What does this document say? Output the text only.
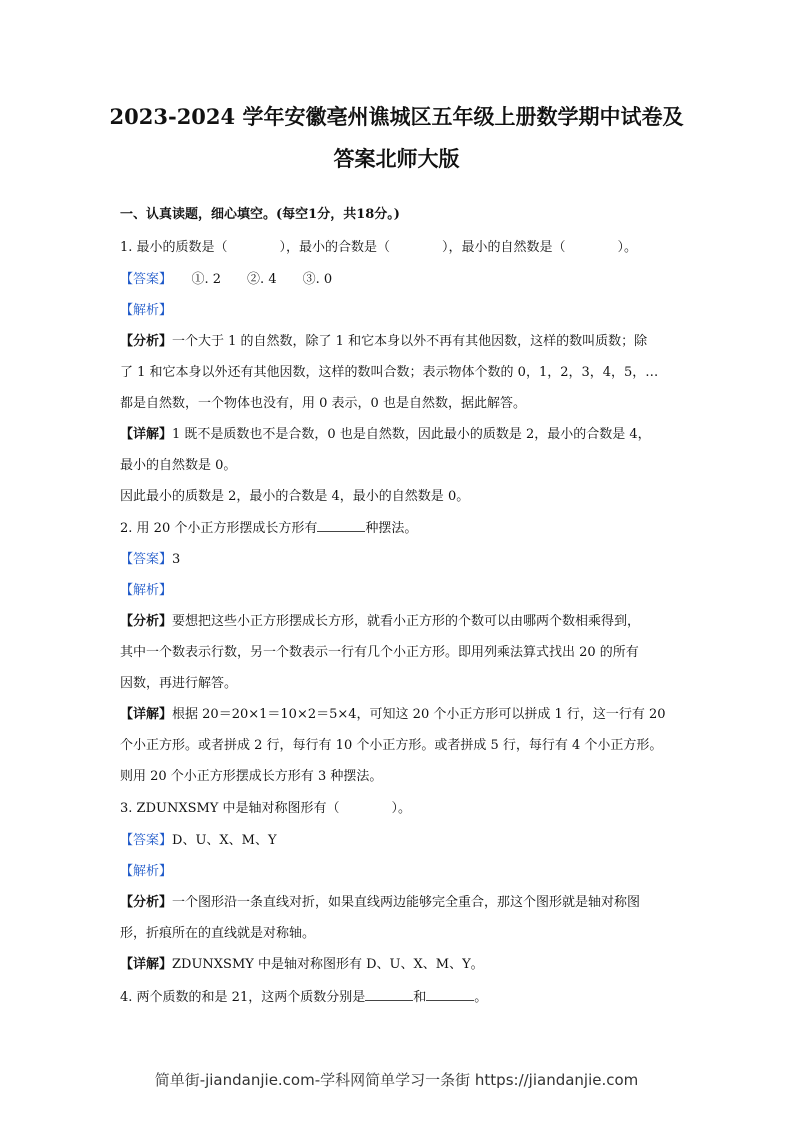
2023-2024 学年安徽亳州谯城区五年级上册数学期中试卷及
答案北师大版

一、认真读题，细心填空。(每空1分，共18分。)

1. 最小的质数是（　　　　），最小的合数是（　　　　），最小的自然数是（　　　　）。

【答案】　　①. 2　　②. 4　　③. 0

【解析】

【分析】一个大于 1 的自然数，除了 1 和它本身以外不再有其他因数，这样的数叫质数；除

了 1 和它本身以外还有其他因数，这样的数叫合数；表示物体个数的 0，1，2，3，4，5，…

都是自然数，一个物体也没有，用 0 表示，0 也是自然数，据此解答。

【详解】1 既不是质数也不是合数，0 也是自然数，因此最小的质数是 2，最小的合数是 4，

最小的自然数是 0。

因此最小的质数是 2，最小的合数是 4，最小的自然数是 0。

2. 用 20 个小正方形摆成长方形有	种摆法。

【答案】3

【解析】

【分析】要想把这些小正方形摆成长方形，就看小正方形的个数可以由哪两个数相乘得到，

其中一个数表示行数，另一个数表示一行有几个小正方形。即用列乘法算式找出 20 的所有

因数，再进行解答。

【详解】根据 20＝20×1＝10×2＝5×4，可知这 20 个小正方形可以拼成 1 行，这一行有 20

个小正方形。或者拼成 2 行，每行有 10 个小正方形。或者拼成 5 行，每行有 4 个小正方形。

则用 20 个小正方形摆成长方形有 3 种摆法。

3. ZDUNXSMY 中是轴对称图形有（　　　　）。

【答案】D、U、X、M、Y

【解析】

【分析】一个图形沿一条直线对折，如果直线两边能够完全重合，那这个图形就是轴对称图

形，折痕所在的直线就是对称轴。

【详解】ZDUNXSMY 中是轴对称图形有 D、U、X、M、Y。

4. 两个质数的和是 21，这两个质数分别是	和	。

简单街-jiandanjie.com-学科网简单学习一条街 https://jiandanjie.com
